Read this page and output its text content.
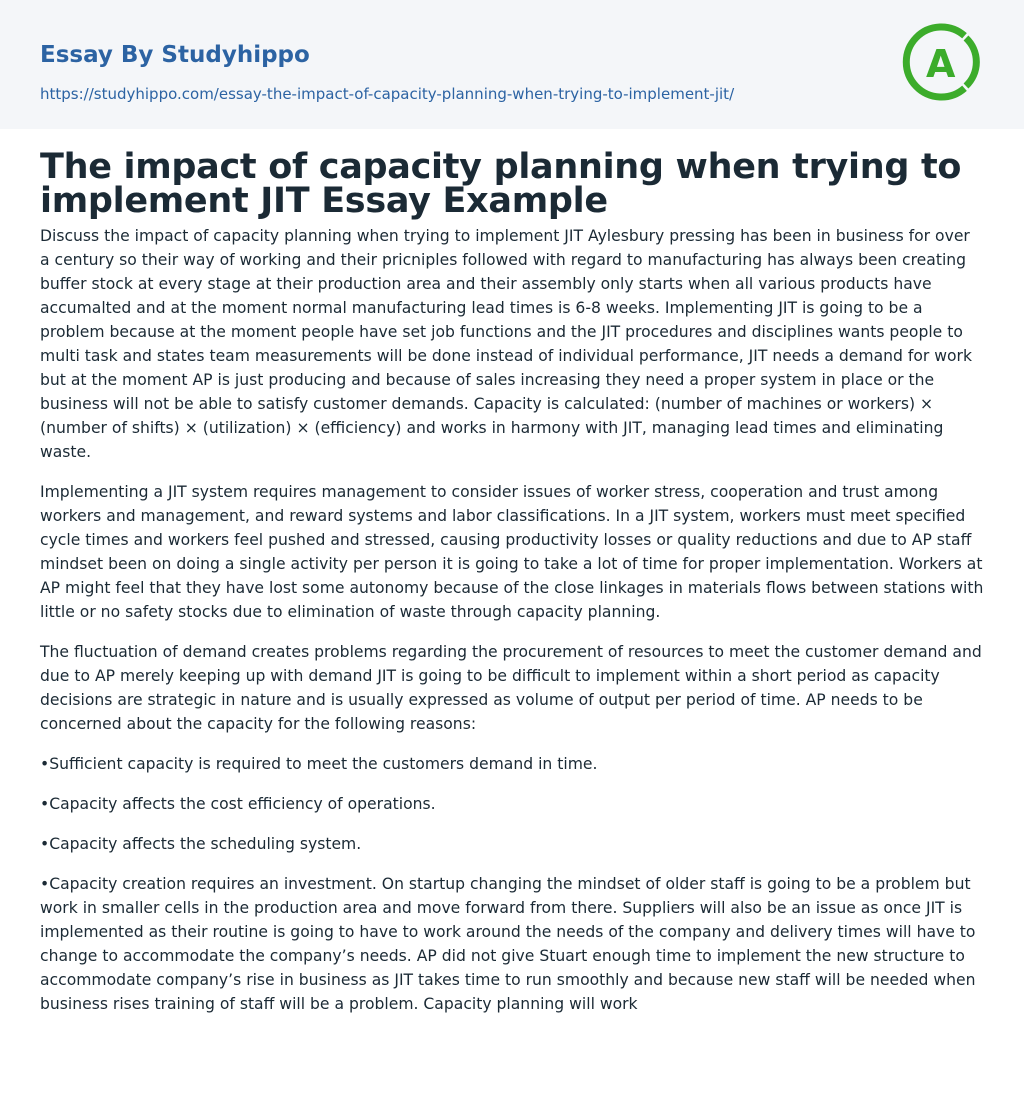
Essay By Studyhippo
https://studyhippo.com/essay-the-impact-of-capacity-planning-when-trying-to-implement-jit/
A
The impact of capacity planning when trying to implement JIT Essay Example

Discuss the impact of capacity planning when trying to implement JIT Aylesbury pressing has been in business for over a century so their way of working and their pricniples followed with regard to manufacturing has always been creating buffer stock at every stage at their production area and their assembly only starts when all various products have accumalted and at the moment normal manufacturing lead times is 6-8 weeks. Implementing JIT is going to be a problem because at the moment people have set job functions and the JIT procedures and disciplines wants people to multi task and states team measurements will be done instead of individual performance, JIT needs a demand for work but at the moment AP is just producing and because of sales increasing they need a proper system in place or the business will not be able to satisfy customer demands. Capacity is calculated: (number of machines or workers) × (number of shifts) × (utilization) × (efficiency) and works in harmony with JIT, managing lead times and eliminating waste.

Implementing a JIT system requires management to consider issues of worker stress, cooperation and trust among workers and management, and reward systems and labor classifications. In a JIT system, workers must meet specified cycle times and workers feel pushed and stressed, causing productivity losses or quality reductions and due to AP staff mindset been on doing a single activity per person it is going to take a lot of time for proper implementation. Workers at AP might feel that they have lost some autonomy because of the close linkages in materials flows between stations with little or no safety stocks due to elimination of waste through capacity planning.

The fluctuation of demand creates problems regarding the procurement of resources to meet the customer demand and due to AP merely keeping up with demand JIT is going to be difficult to implement within a short period as capacity decisions are strategic in nature and is usually expressed as volume of output per period of time. AP needs to be concerned about the capacity for the following reasons:

•Sufficient capacity is required to meet the customers demand in time.

•Capacity affects the cost efficiency of operations.

•Capacity affects the scheduling system.

•Capacity creation requires an investment. On startup changing the mindset of older staff is going to be a problem but work in smaller cells in the production area and move forward from there. Suppliers will also be an issue as once JIT is implemented as their routine is going to have to work around the needs of the company and delivery times will have to change to accommodate the company’s needs. AP did not give Stuart enough time to implement the new structure to accommodate company’s rise in business as JIT takes time to run smoothly and because new staff will be needed when business rises training of staff will be a problem. Capacity planning will work
